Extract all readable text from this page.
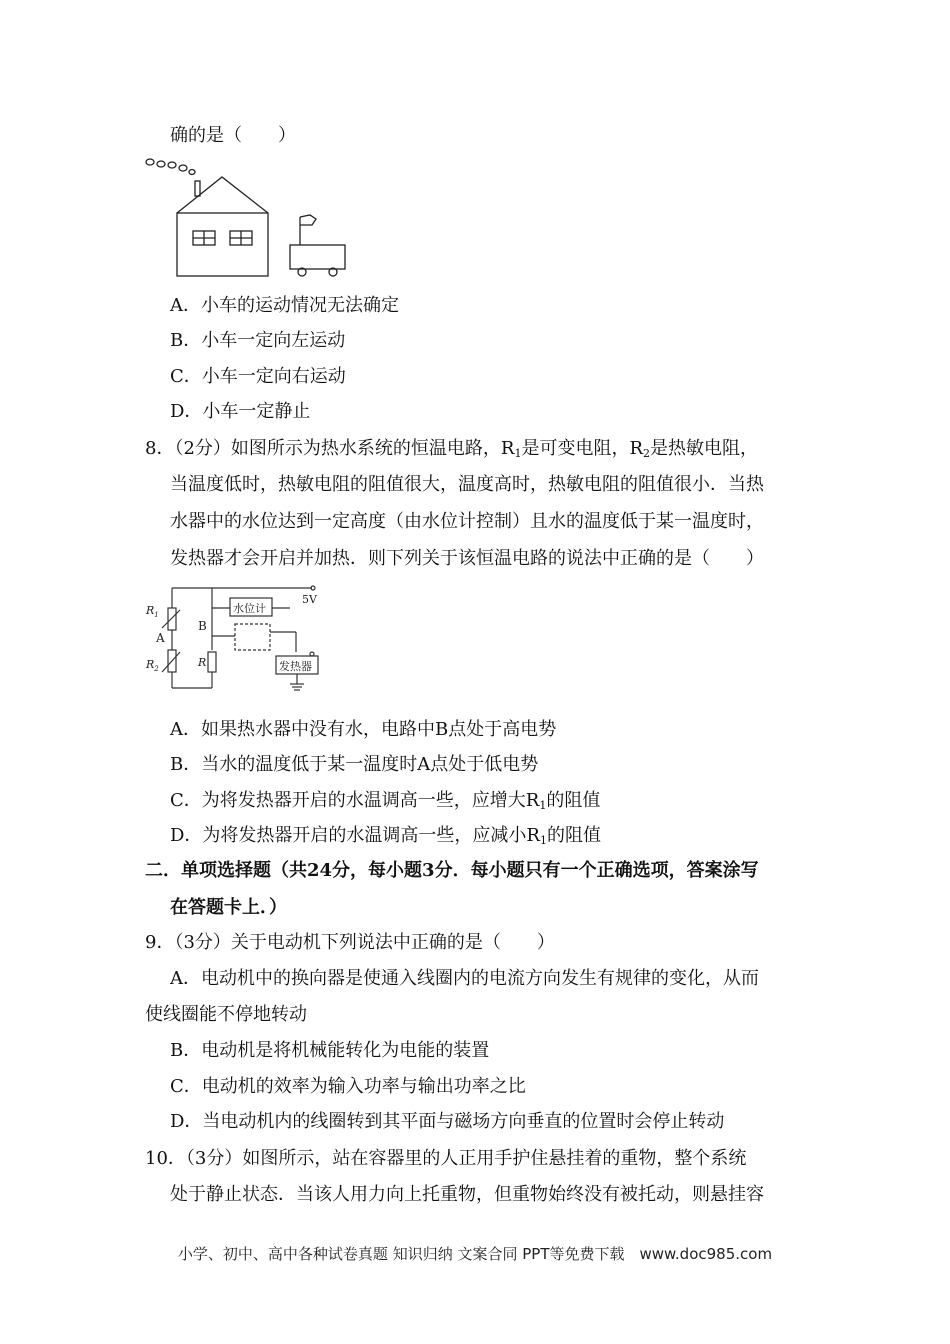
确的是（　　）
A．小车的运动情况无法确定
B．小车一定向左运动
C．小车一定向右运动
D．小车一定静止
8．（2分）如图所示为热水系统的恒温电路，$R_1$是可变电阻，$R_2$是热敏电阻，
当温度低时，热敏电阻的阻值很大，温度高时，热敏电阻的阻值很小．当热
水器中的水位达到一定高度（由水位计控制）且水的温度低于某一温度时，
发热器才会开启并加热．则下列关于该恒温电路的说法中正确的是（　　）
$R_1$
A
$R_2$	R
B
5V
水位计
发热器
A．如果热水器中没有水，电路中B点处于高电势
B．当水的温度低于某一温度时A点处于低电势
C．为将发热器开启的水温调高一些，应增大$R_1$的阻值
D．为将发热器开启的水温调高一些，应减小$R_1$的阻值
二．单项选择题（共24分，每小题3分．每小题只有一个正确选项，答案涂写
在答题卡上．）
9．（3分）关于电动机下列说法中正确的是（　　）
A．电动机中的换向器是使通入线圈内的电流方向发生有规律的变化，从而
使线圈能不停地转动
B．电动机是将机械能转化为电能的装置
C．电动机的效率为输入功率与输出功率之比
D．当电动机内的线圈转到其平面与磁场方向垂直的位置时会停止转动
10．（3分）如图所示，站在容器里的人正用手护住悬挂着的重物，整个系统
处于静止状态．当该人用力向上托重物，但重物始终没有被托动，则悬挂容
小学、初中、高中各种试卷真题 知识归纳 文案合同 PPT等免费下载　www.doc985.com
